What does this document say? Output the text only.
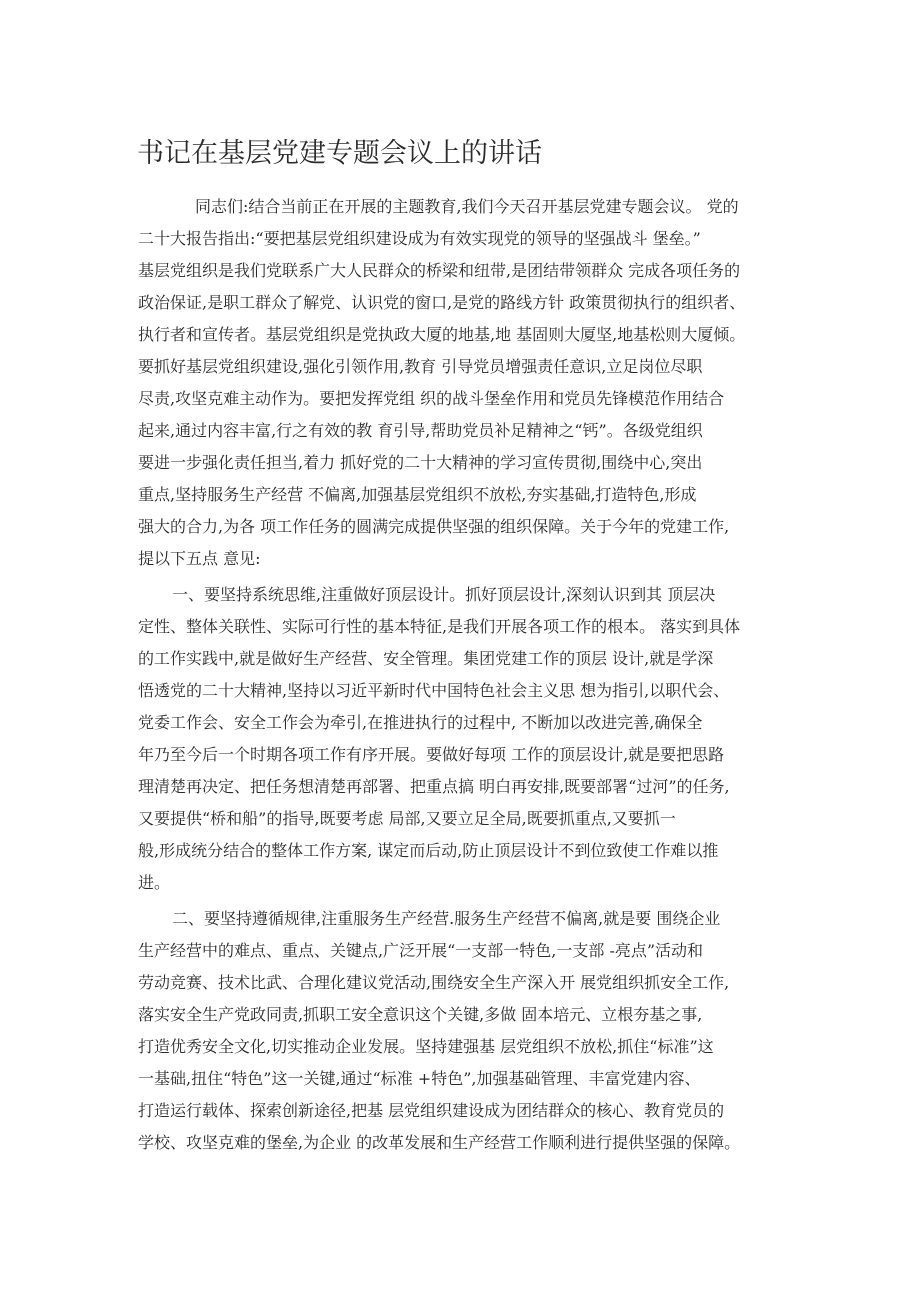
书记在基层党建专题会议上的讲话
同志们:结合当前正在开展的主题教育,我们今天召开基层党建专题会议。 党的
二十大报告指出:“要把基层党组织建设成为有效实现党的领导的坚强战斗 堡垒。”
基层党组织是我们党联系广大人民群众的桥梁和纽带,是团结带领群众 完成各项任务的
政治保证,是职工群众了解党、认识党的窗口,是党的路线方针 政策贯彻执行的组织者、
执行者和宣传者。基层党组织是党执政大厦的地基,地 基固则大厦坚,地基松则大厦倾。
要抓好基层党组织建设,强化引领作用,教育 引导党员增强责任意识,立足岗位尽职
尽责,攻坚克难主动作为。要把发挥党组 织的战斗堡垒作用和党员先锋模范作用结合
起来,通过内容丰富,行之有效的教 育引导,帮助党员补足精神之“钙”。各级党组织
要进一步强化责任担当,着力 抓好党的二十大精神的学习宣传贯彻,围绕中心,突出
重点,坚持服务生产经营 不偏离,加强基层党组织不放松,夯实基础,打造特色,形成
强大的合力,为各 项工作任务的圆满完成提供坚强的组织保障。关于今年的党建工作,
提以下五点 意见:
一、要坚持系统思维,注重做好顶层设计。抓好顶层设计,深刻认识到其 顶层决
定性、整体关联性、实际可行性的基本特征,是我们开展各项工作的根本。 落实到具体
的工作实践中,就是做好生产经营、安全管理。集团党建工作的顶层 设计,就是学深
悟透党的二十大精神,坚持以习近平新时代中国特色社会主义思 想为指引,以职代会、
党委工作会、安全工作会为牵引,在推进执行的过程中, 不断加以改进完善,确保全
年乃至今后一个时期各项工作有序开展。要做好每项 工作的顶层设计,就是要把思路
理清楚再决定、把任务想清楚再部署、把重点搞 明白再安排,既要部署“过河”的任务,
又要提供“桥和船”的指导,既要考虑 局部,又要立足全局,既要抓重点,又要抓一
般,形成统分结合的整体工作方案, 谋定而后动,防止顶层设计不到位致使工作难以推
进。
二、要坚持遵循规律,注重服务生产经营.服务生产经营不偏离,就是要 围绕企业
生产经营中的难点、重点、关键点,广泛开展“一支部一特色,一支部 -亮点”活动和
劳动竞赛、技术比武、合理化建议党活动,围绕安全生产深入开 展党组织抓安全工作,
落实安全生产党政同责,抓职工安全意识这个关键,多做 固本培元、立根夯基之事,
打造优秀安全文化,切实推动企业发展。坚持建强基 层党组织不放松,抓住“标准”这
一基础,扭住“特色”这一关键,通过“标准 +特色”,加强基础管理、丰富党建内容、
打造运行载体、探索创新途径,把基 层党组织建设成为团结群众的核心、教育党员的
学校、攻坚克难的堡垒,为企业 的改革发展和生产经营工作顺利进行提供坚强的保障。
